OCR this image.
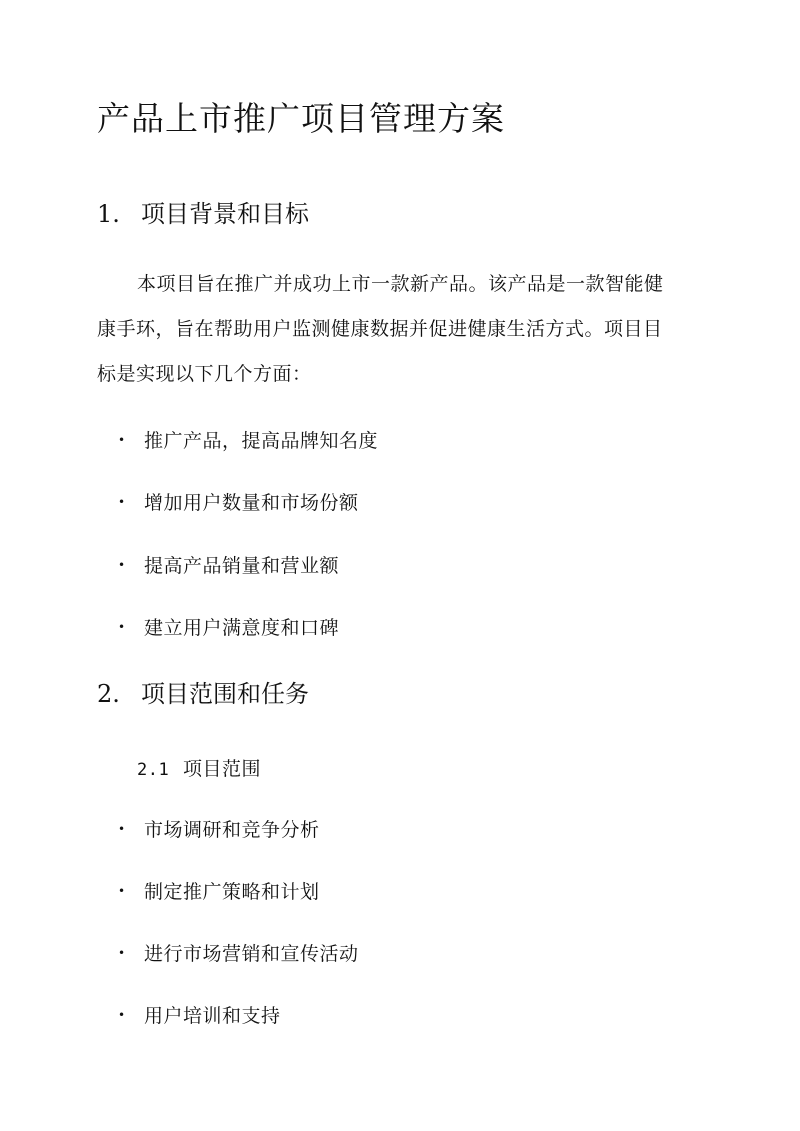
产品上市推广项目管理方案
1. 项目背景和目标
本项目旨在推广并成功上市一款新产品。该产品是一款智能健
康手环，旨在帮助用户监测健康数据并促进健康生活方式。项目目
标是实现以下几个方面：
• 推广产品，提高品牌知名度
• 增加用户数量和市场份额
• 提高产品销量和营业额
• 建立用户满意度和口碑
2. 项目范围和任务
2.1 项目范围
• 市场调研和竞争分析
• 制定推广策略和计划
• 进行市场营销和宣传活动
• 用户培训和支持
